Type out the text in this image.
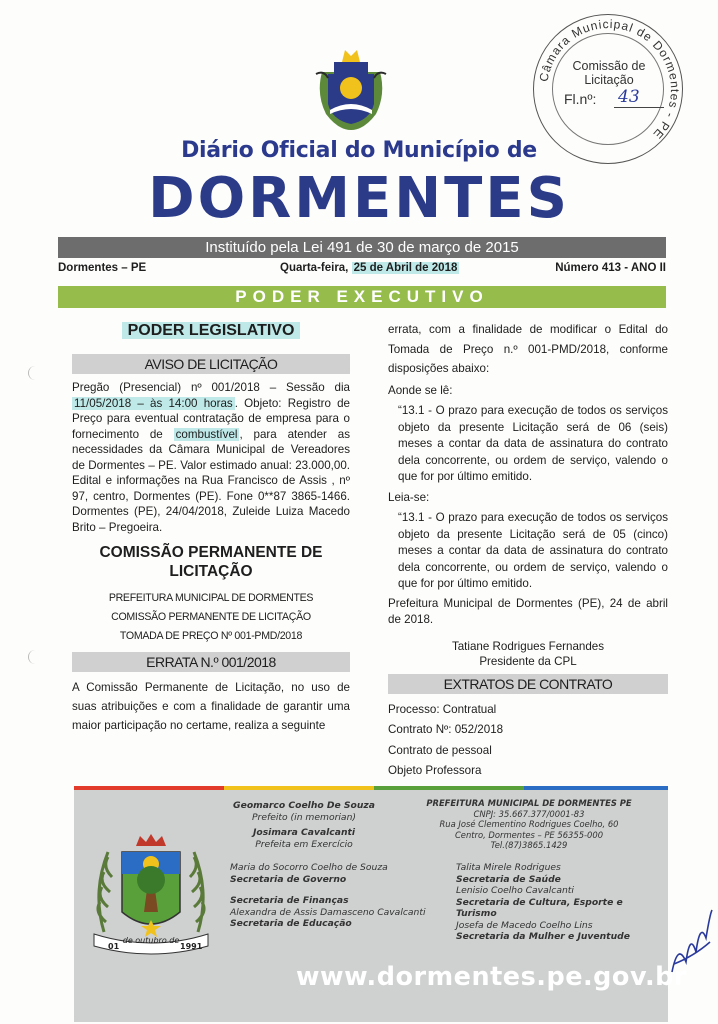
Câmara Municipal de Dormentes - PE
Comissão de
Licitação
Fl.nº: 43
Diário Oficial do Município de
DORMENTES
Instituído pela Lei 491 de 30 de março de 2015
Dormentes – PE	Quarta-feira, 25 de Abril de 2018	Número 413 - ANO II
PODER EXECUTIVO
PODER LEGISLATIVO
AVISO DE LICITAÇÃO

Pregão (Presencial) nº 001/2018 – Sessão dia 11/05/2018 – às 14:00 horas . Objeto: Registro de Preço para eventual contratação de empresa para o fornecimento de combustível , para atender as necessidades da Câmara Municipal de Vereadores de Dormentes – PE. Valor estimado anual: 23.000,00. Edital e informações na Rua Francisco de Assis , nº 97, centro, Dormentes (PE). Fone 0**87 3865-1466. Dormentes (PE), 24/04/2018, Zuleide Luiza Macedo Brito – Pregoeira.

COMISSÃO PERMANENTE DE LICITAÇÃO
PREFEITURA MUNICIPAL DE DORMENTES
COMISSÃO PERMANENTE DE LICITAÇÃO
TOMADA DE PREÇO Nº 001-PMD/2018
ERRATA N.º 001/2018

A Comissão Permanente de Licitação, no uso de suas atribuições e com a finalidade de garantir uma maior participação no certame, realiza a seguinte

errata, com a finalidade de modificar o Edital do Tomada de Preço n.º 001-PMD/2018, conforme disposições abaixo:

Aonde se lê:

“13.1 - O prazo para execução de todos os serviços objeto da presente Licitação será de 06 (seis) meses a contar da data de assinatura do contrato dela concorrente, ou ordem de serviço, valendo o que for por último emitido.

Leia-se:

“13.1 - O prazo para execução de todos os serviços objeto da presente Licitação será de 05 (cinco) meses a contar da data de assinatura do contrato dela concorrente, ou ordem de serviço, valendo o que for por último emitido.

Prefeitura Municipal de Dormentes (PE), 24 de abril de 2018.

Tatiane Rodrigues Fernandes
Presidente da CPL
EXTRATOS DE CONTRATO

Processo: Contratual

Contrato Nº: 052/2018

Contrato de pessoal

Objeto Professora

de outubro de
01	1991
Geomarco Coelho De Souza
Prefeito (in memorian)
Josimara Cavalcanti
Prefeita em Exercício
PREFEITURA MUNICIPAL DE DORMENTES PE
CNPJ: 35.667.377/0001-83
Rua José Clementino Rodrigues Coelho, 60
Centro, Dormentes – PE 56355-000
Tel.(87)3865.1429
Maria do Socorro Coelho de Souza
Secretaria de Governo
Secretaria de Finanças
Alexandra de Assis Damasceno Cavalcanti
Secretaria de Educação
Talita Mirele Rodrigues
Secretaria de Saúde
Lenisio Coelho Cavalcanti
Secretaria de Cultura, Esporte e Turismo
Josefa de Macedo Coelho Lins
Secretaria da Mulher e Juventude
www.dormentes.pe.gov.br
